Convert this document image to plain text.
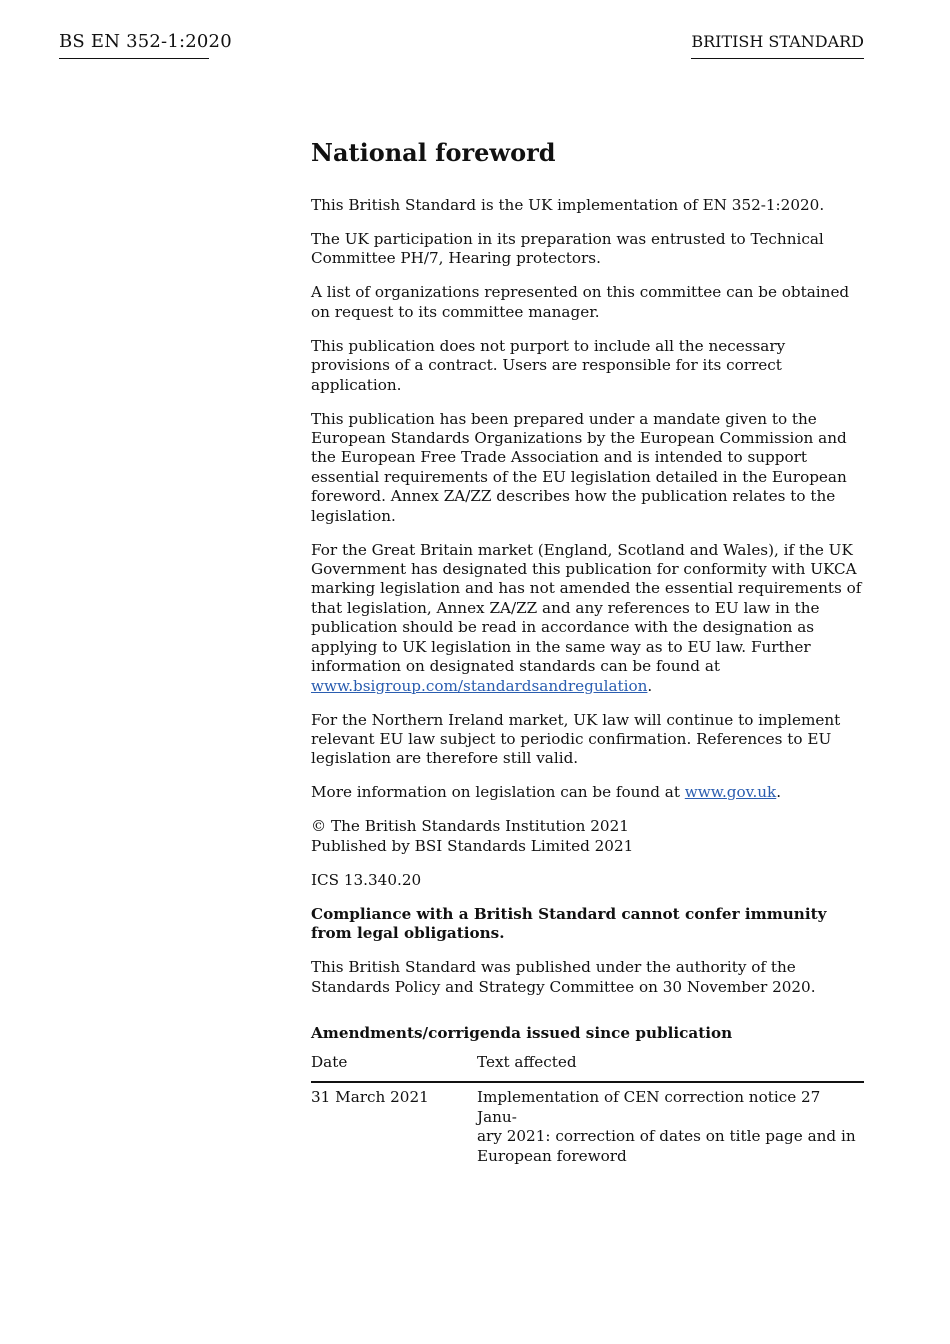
BS EN 352-1:2020	BRITISH STANDARD
National foreword

This British Standard is the UK implementation of EN 352-1:2020.

The UK participation in its preparation was entrusted to Technical Committee PH/7, Hearing protectors.

A list of organizations represented on this committee can be obtained on request to its committee manager.

This publication does not purport to include all the necessary provisions of a contract. Users are responsible for its correct application.

This publication has been prepared under a mandate given to the European Standards Organizations by the European Commission and the European Free Trade Association and is intended to support essential requirements of the EU legislation detailed in the European foreword. Annex ZA/ZZ describes how the publication relates to the legislation.

For the Great Britain market (England, Scotland and Wales), if the UK Government has designated this publication for conformity with UKCA marking legislation and has not amended the essential requirements of that legislation, Annex ZA/ZZ and any references to EU law in the publication should be read in accordance with the designation as applying to UK legislation in the same way as to EU law. Further information on designated standards can be found at www.bsigroup.com/standardsandregulation.

For the Northern Ireland market, UK law will continue to implement relevant EU law subject to periodic confirmation. References to EU legislation are therefore still valid.

More information on legislation can be found at www.gov.uk.

© The British Standards Institution 2021
Published by BSI Standards Limited 2021

ICS 13.340.20

Compliance with a British Standard cannot confer immunity from legal obligations.

This British Standard was published under the authority of the
Standards Policy and Strategy Committee on 30 November 2020.

Amendments/corrigenda issued since publication
Date	Text affected
31 March 2021	Implementation of CEN correction notice 27 Janu-
ary 2021: correction of dates on title page and in
European foreword
